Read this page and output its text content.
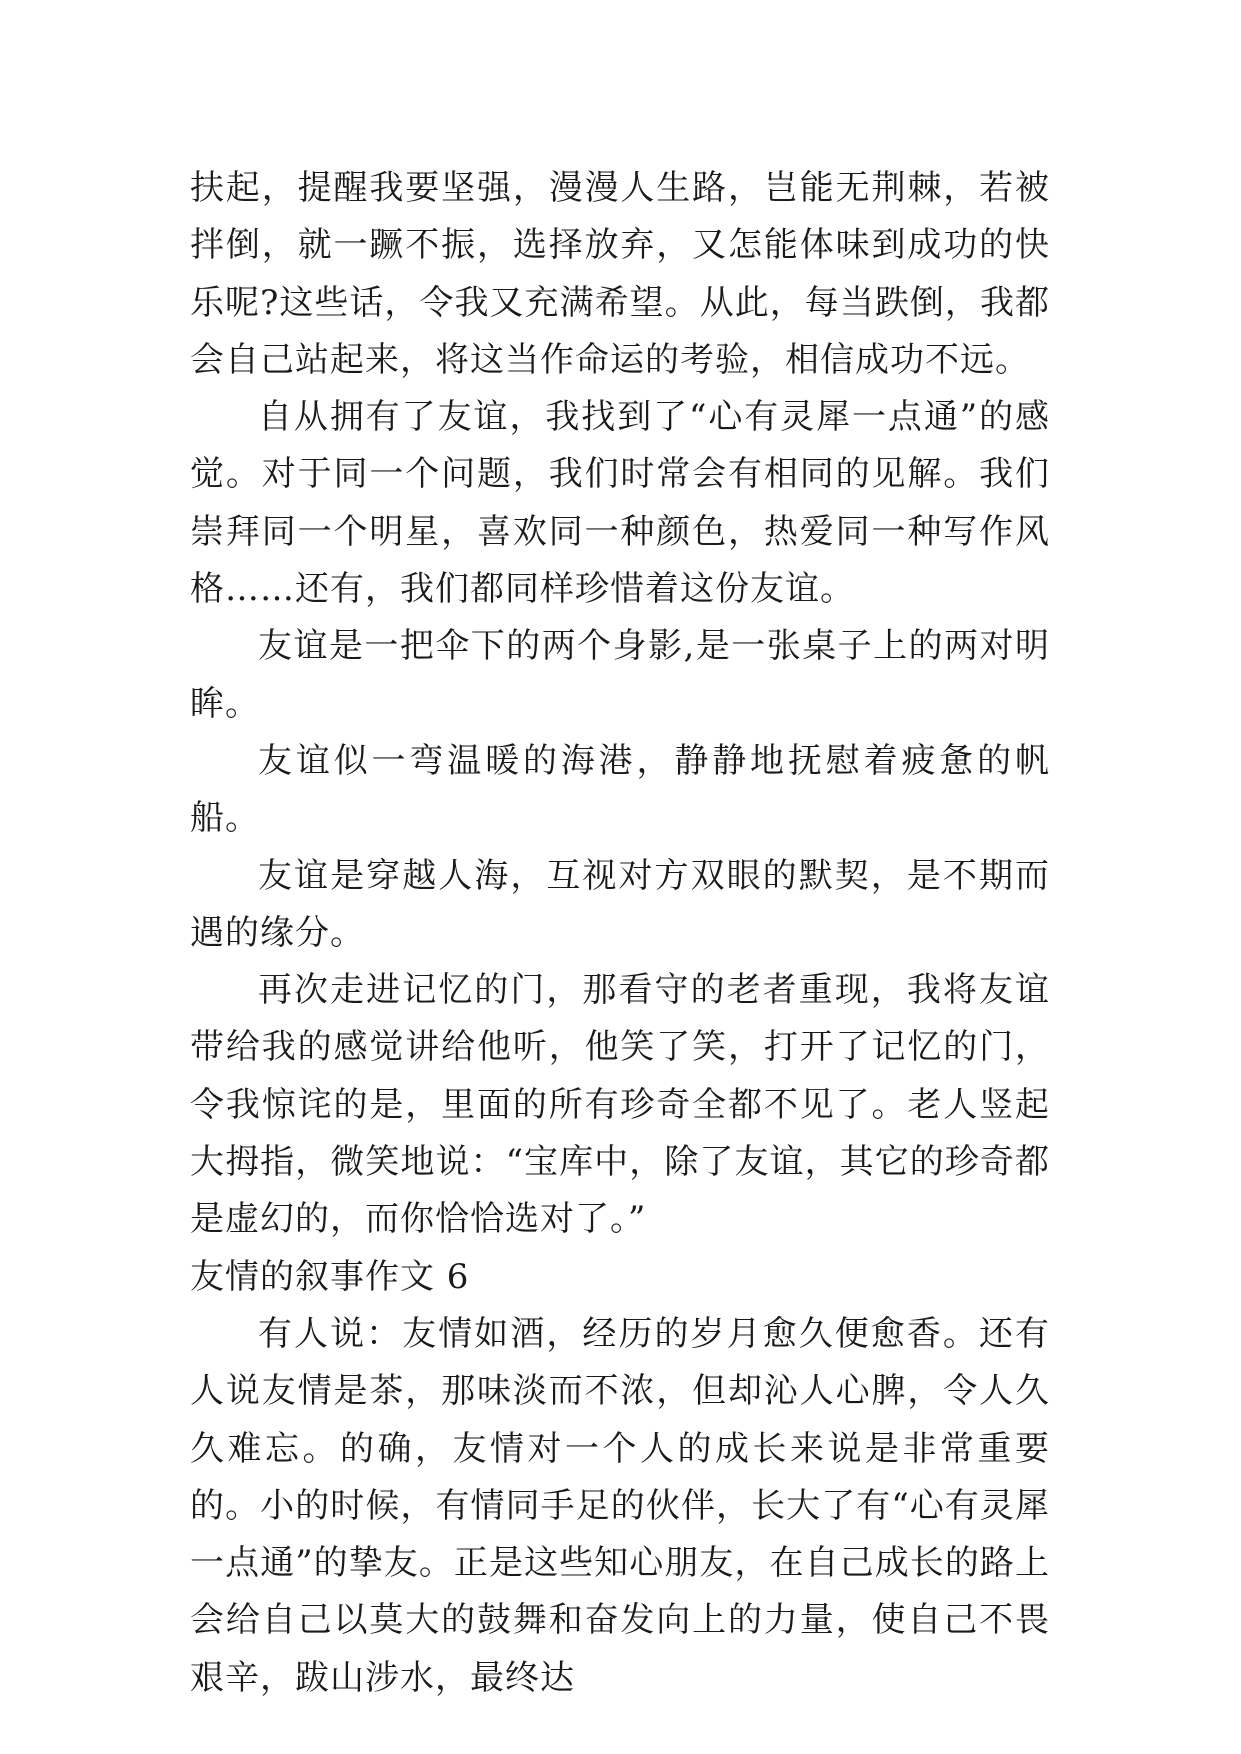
扶起，提醒我要坚强，漫漫人生路，岂能无荆棘，若被拌倒，就一蹶不振，选择放弃，又怎能体味到成功的快乐呢?这些话，令我又充满希望。从此，每当跌倒，我都会自己站起来，将这当作命运的考验，相信成功不远。

自从拥有了友谊，我找到了“心有灵犀一点通”的感觉。对于同一个问题，我们时常会有相同的见解。我们崇拜同一个明星，喜欢同一种颜色，热爱同一种写作风格……还有，我们都同样珍惜着这份友谊。

友谊是一把伞下的两个身影,是一张桌子上的两对明眸。

友谊似一弯温暖的海港，静静地抚慰着疲惫的帆船。

友谊是穿越人海，互视对方双眼的默契，是不期而遇的缘分。

再次走进记忆的门，那看守的老者重现，我将友谊带给我的感觉讲给他听，他笑了笑，打开了记忆的门，令我惊诧的是，里面的所有珍奇全都不见了。老人竖起大拇指，微笑地说：“宝库中，除了友谊，其它的珍奇都是虚幻的，而你恰恰选对了。”

友情的叙事作文 6

有人说：友情如酒，经历的岁月愈久便愈香。还有人说友情是茶，那味淡而不浓，但却沁人心脾，令人久久难忘。的确，友情对一个人的成长来说是非常重要的。小的时候，有情同手足的伙伴，长大了有“心有灵犀一点通”的挚友。正是这些知心朋友，在自己成长的路上会给自己以莫大的鼓舞和奋发向上的力量，使自己不畏艰辛，跋山涉水，最终达
